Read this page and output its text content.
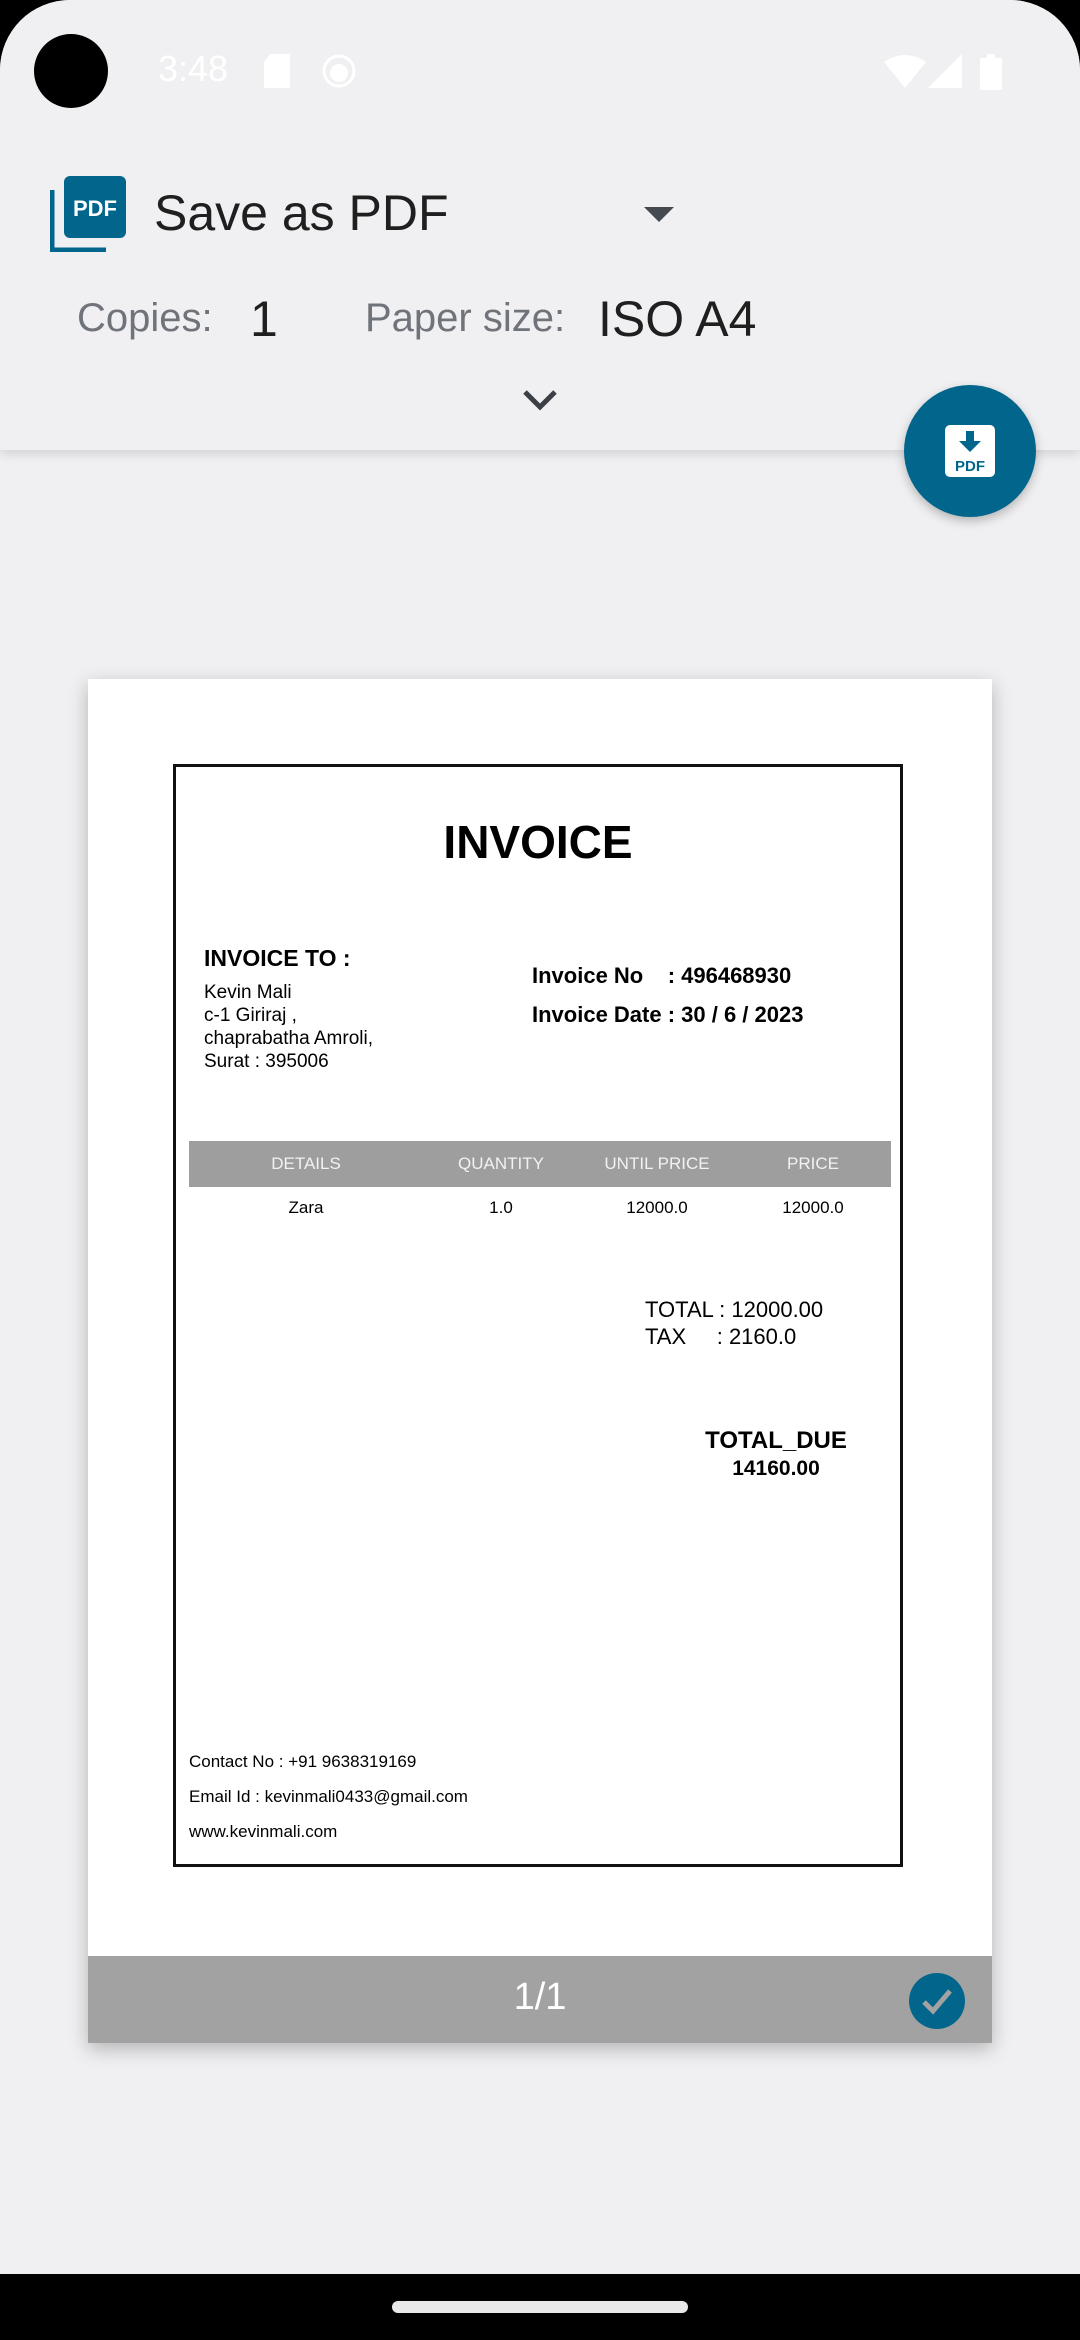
3:48
PDF Save as PDF
Copies: 1 Paper size: ISO A4
PDF
INVOICE
INVOICE TO :
Kevin Mali
c-1 Giriraj ,
chaprabatha Amroli,
Surat : 395006
Invoice No    : 496468930
Invoice Date : 30 / 6 / 2023
DETAILS	QUANTITY	UNTIL PRICE	PRICE
Zara	1.0	12000.0	12000.0
TOTAL : 12000.00
TAX     : 2160.0
TOTAL_DUE
14160.00
Contact No : +91 9638319169
Email Id : kevinmali0433@gmail.com
www.kevinmali.com
1/1
